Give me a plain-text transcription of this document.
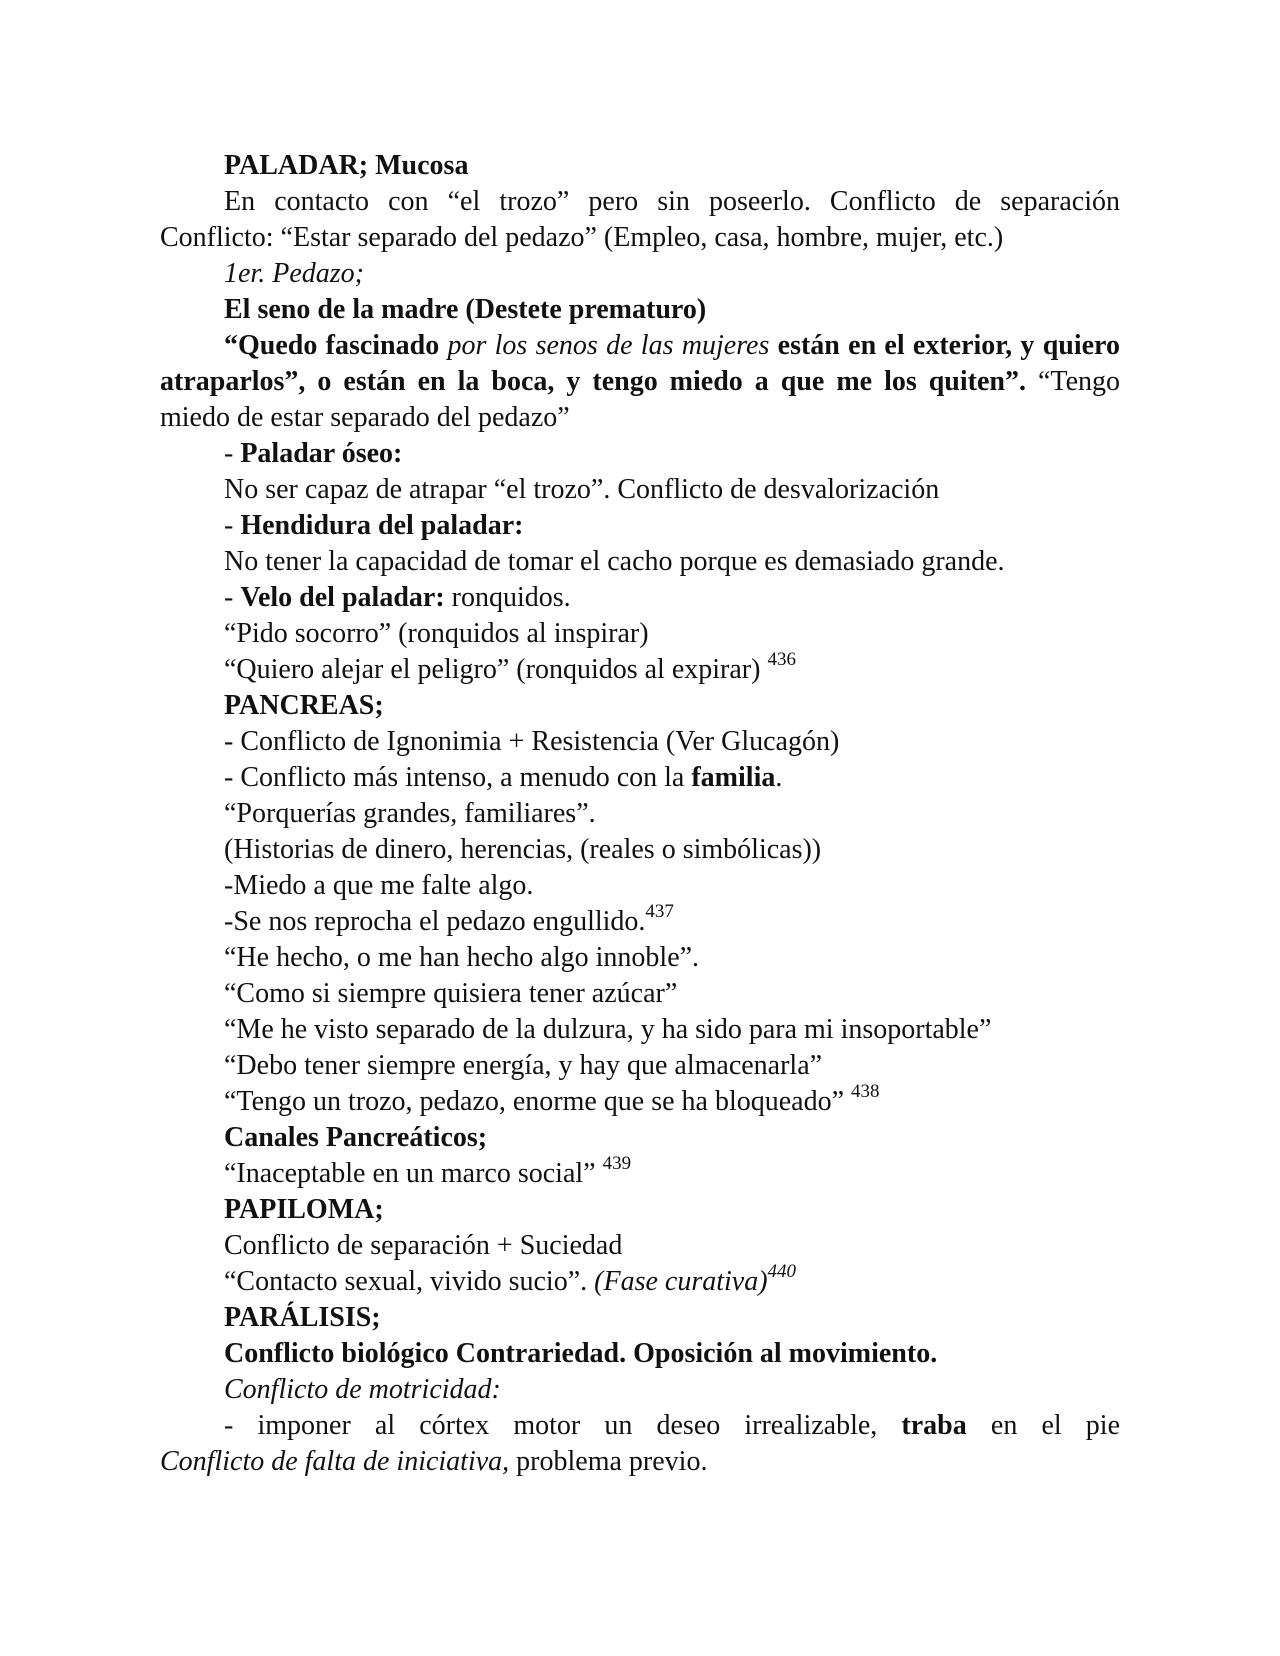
PALADAR; Mucosa

En contacto con “el trozo” pero sin poseerlo. Conflicto de separación

Conflicto: “Estar separado del pedazo” (Empleo, casa, hombre, mujer, etc.)

1er. Pedazo;

El seno de la madre (Destete prematuro)

“Quedo fascinado por los senos de las mujeres están en el exterior, y quiero atraparlos”, o están en la boca, y tengo miedo a que me los quiten”. “Tengo miedo de estar separado del pedazo”

- Paladar óseo:

No ser capaz de atrapar “el trozo”. Conflicto de desvalorización

- Hendidura del paladar:

No tener la capacidad de tomar el cacho porque es demasiado grande.

- Velo del paladar: ronquidos.

“Pido socorro” (ronquidos al inspirar)

“Quiero alejar el peligro” (ronquidos al expirar) $^{436}$

PANCREAS;

- Conflicto de Ignonimia + Resistencia (Ver Glucagón)

- Conflicto más intenso, a menudo con la familia.

“Porquerías grandes, familiares”.

(Historias de dinero, herencias, (reales o simbólicas))

-Miedo a que me falte algo.

-Se nos reprocha el pedazo engullido.$^{437}$

“He hecho, o me han hecho algo innoble”.

“Como si siempre quisiera tener azúcar”

“Me he visto separado de la dulzura, y ha sido para mi insoportable”

“Debo tener siempre energía, y hay que almacenarla”

“Tengo un trozo, pedazo, enorme que se ha bloqueado” $^{438}$

Canales Pancreáticos;

“Inaceptable en un marco social” $^{439}$

PAPILOMA;

Conflicto de separación + Suciedad

“Contacto sexual, vivido sucio”. (Fase curativa)$^{440}$

PARÁLISIS;

Conflicto biológico Contrariedad. Oposición al movimiento.

Conflicto de motricidad:

- imponer al córtex motor un deseo irrealizable, traba en el pie

Conflicto de falta de iniciativa, problema previo.
